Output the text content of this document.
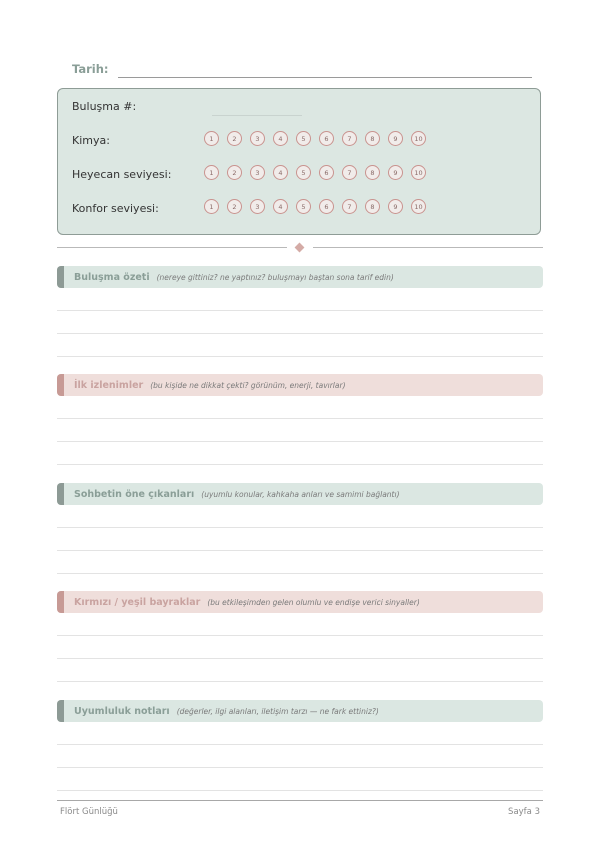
Tarih:
Buluşma #:
Kimya:	1	2	3	4	5	6	7	8	9	10
Heyecan seviyesi:	1	2	3	4	5	6	7	8	9	10
Konfor seviyesi:	1	2	3	4	5	6	7	8	9	10
Buluşma özeti (nereye gittiniz? ne yaptınız? buluşmayı baştan sona tarif edin)
İlk izlenimler (bu kişide ne dikkat çekti? görünüm, enerji, tavırlar)
Sohbetin öne çıkanları (uyumlu konular, kahkaha anları ve samimi bağlantı)
Kırmızı / yeşil bayraklar (bu etkileşimden gelen olumlu ve endişe verici sinyaller)
Uyumluluk notları (değerler, ilgi alanları, iletişim tarzı — ne fark ettiniz?)
Flört Günlüğü	Sayfa 3
